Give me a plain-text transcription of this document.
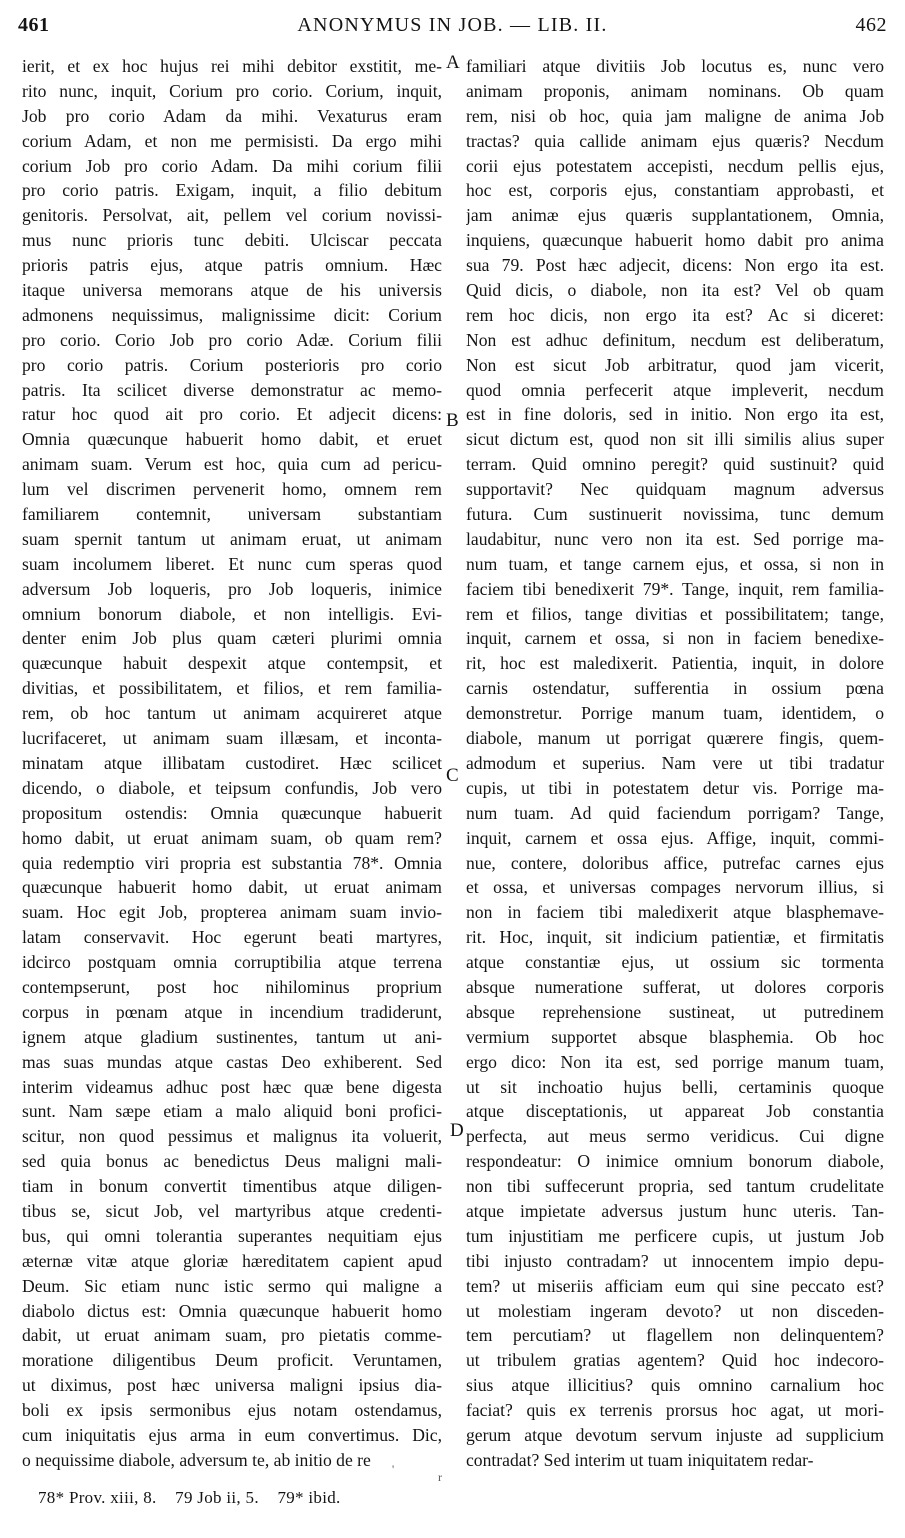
461	ANONYMUS IN JOB. — LIB. II.	462
ierit, et ex hoc hujus rei mihi debitor exstitit, me-
rito nunc, inquit, Corium pro corio. Corium, inquit,
Job pro corio Adam da mihi. Vexaturus eram
corium Adam, et non me permisisti. Da ergo mihi
corium Job pro corio Adam. Da mihi corium filii
pro corio patris. Exigam, inquit, a filio debitum
genitoris. Persolvat, ait, pellem vel corium novissi-
mus nunc prioris tunc debiti. Ulciscar peccata
prioris patris ejus, atque patris omnium. Hæc
itaque universa memorans atque de his universis
admonens nequissimus, malignissime dicit: Corium
pro corio. Corio Job pro corio Adæ. Corium filii
pro corio patris. Corium posterioris pro corio
patris. Ita scilicet diverse demonstratur ac memo-
ratur hoc quod ait pro corio. Et adjecit dicens:
Omnia quæcunque habuerit homo dabit, et eruet
animam suam. Verum est hoc, quia cum ad pericu-
lum vel discrimen pervenerit homo, omnem rem
familiarem contemnit, universam substantiam
suam spernit tantum ut animam eruat, ut animam
suam incolumem liberet. Et nunc cum speras quod
adversum Job loqueris, pro Job loqueris, inimice
omnium bonorum diabole, et non intelligis. Evi-
denter enim Job plus quam cæteri plurimi omnia
quæcunque habuit despexit atque contempsit, et
divitias, et possibilitatem, et filios, et rem familia-
rem, ob hoc tantum ut animam acquireret atque
lucrifaceret, ut animam suam illæsam, et inconta-
minatam atque illibatam custodiret. Hæc scilicet
dicendo, o diabole, et teipsum confundis, Job vero
propositum ostendis: Omnia quæcunque habuerit
homo dabit, ut eruat animam suam, ob quam rem?
quia redemptio viri propria est substantia 78*. Omnia
quæcunque habuerit homo dabit, ut eruat animam
suam. Hoc egit Job, propterea animam suam invio-
latam conservavit. Hoc egerunt beati martyres,
idcirco postquam omnia corruptibilia atque terrena
contempserunt, post hoc nihilominus proprium
corpus in pœnam atque in incendium tradiderunt,
ignem atque gladium sustinentes, tantum ut ani-
mas suas mundas atque castas Deo exhiberent. Sed
interim videamus adhuc post hæc quæ bene digesta
sunt. Nam sæpe etiam a malo aliquid boni profici-
scitur, non quod pessimus et malignus ita voluerit,
sed quia bonus ac benedictus Deus maligni mali-
tiam in bonum convertit timentibus atque diligen-
tibus se, sicut Job, vel martyribus atque credenti-
bus, qui omni tolerantia superantes nequitiam ejus
æternæ vitæ atque gloriæ hæreditatem capient apud
Deum. Sic etiam nunc istic sermo qui maligne a
diabolo dictus est: Omnia quæcunque habuerit homo
dabit, ut eruat animam suam, pro pietatis comme-
moratione diligentibus Deum proficit. Veruntamen,
ut diximus, post hæc universa maligni ipsius dia-
boli ex ipsis sermonibus ejus notam ostendamus,
cum iniquitatis ejus arma in eum convertimus. Dic,
o nequissime diabole, adversum te, ab initio de re
familiari atque divitiis Job locutus es, nunc vero
animam proponis, animam nominans. Ob quam
rem, nisi ob hoc, quia jam maligne de anima Job
tractas? quia callide animam ejus quæris? Necdum
corii ejus potestatem accepisti, necdum pellis ejus,
hoc est, corporis ejus, constantiam approbasti, et
jam animæ ejus quæris supplantationem, Omnia,
inquiens, quæcunque habuerit homo dabit pro anima
sua 79. Post hæc adjecit, dicens: Non ergo ita est.
Quid dicis, o diabole, non ita est? Vel ob quam
rem hoc dicis, non ergo ita est? Ac si diceret:
Non est adhuc definitum, necdum est deliberatum,
Non est sicut Job arbitratur, quod jam vicerit,
quod omnia perfecerit atque impleverit, necdum
est in fine doloris, sed in initio. Non ergo ita est,
sicut dictum est, quod non sit illi similis alius super
terram. Quid omnino peregit? quid sustinuit? quid
supportavit? Nec quidquam magnum adversus
futura. Cum sustinuerit novissima, tunc demum
laudabitur, nunc vero non ita est. Sed porrige ma-
num tuam, et tange carnem ejus, et ossa, si non in
faciem tibi benedixerit 79*. Tange, inquit, rem familia-
rem et filios, tange divitias et possibilitatem; tange,
inquit, carnem et ossa, si non in faciem benedixe-
rit, hoc est maledixerit. Patientia, inquit, in dolore
carnis ostendatur, sufferentia in ossium pœna
demonstretur. Porrige manum tuam, identidem, o
diabole, manum ut porrigat quærere fingis, quem-
admodum et superius. Nam vere ut tibi tradatur
cupis, ut tibi in potestatem detur vis. Porrige ma-
num tuam. Ad quid faciendum porrigam? Tange,
inquit, carnem et ossa ejus. Affige, inquit, commi-
nue, contere, doloribus affice, putrefac carnes ejus
et ossa, et universas compages nervorum illius, si
non in faciem tibi maledixerit atque blasphemave-
rit. Hoc, inquit, sit indicium patientiæ, et firmitatis
atque constantiæ ejus, ut ossium sic tormenta
absque numeratione sufferat, ut dolores corporis
absque reprehensione sustineat, ut putredinem
vermium supportet absque blasphemia. Ob hoc
ergo dico: Non ita est, sed porrige manum tuam,
ut sit inchoatio hujus belli, certaminis quoque
atque disceptationis, ut appareat Job constantia
perfecta, aut meus sermo veridicus. Cui digne
respondeatur: O inimice omnium bonorum diabole,
non tibi suffecerunt propria, sed tantum crudelitate
atque impietate adversus justum hunc uteris. Tan-
tum injustitiam me perficere cupis, ut justum Job
tibi injusto contradam? ut innocentem impio depu-
tem? ut miseriis afficiam eum qui sine peccato est?
ut molestiam ingeram devoto? ut non disceden-
tem percutiam? ut flagellem non delinquentem?
ut tribulem gratias agentem? Quid hoc indecoro-
sius atque illicitius? quis omnino carnalium hoc
faciat? quis ex terrenis prorsus hoc agat, ut mori-
gerum atque devotum servum injuste ad supplicium
contradat? Sed interim ut tuam iniquitatem redar-
A
B
C
D
'
r
78* Prov. xiii, 8. 79 Job ii, 5. 79* ibid.
